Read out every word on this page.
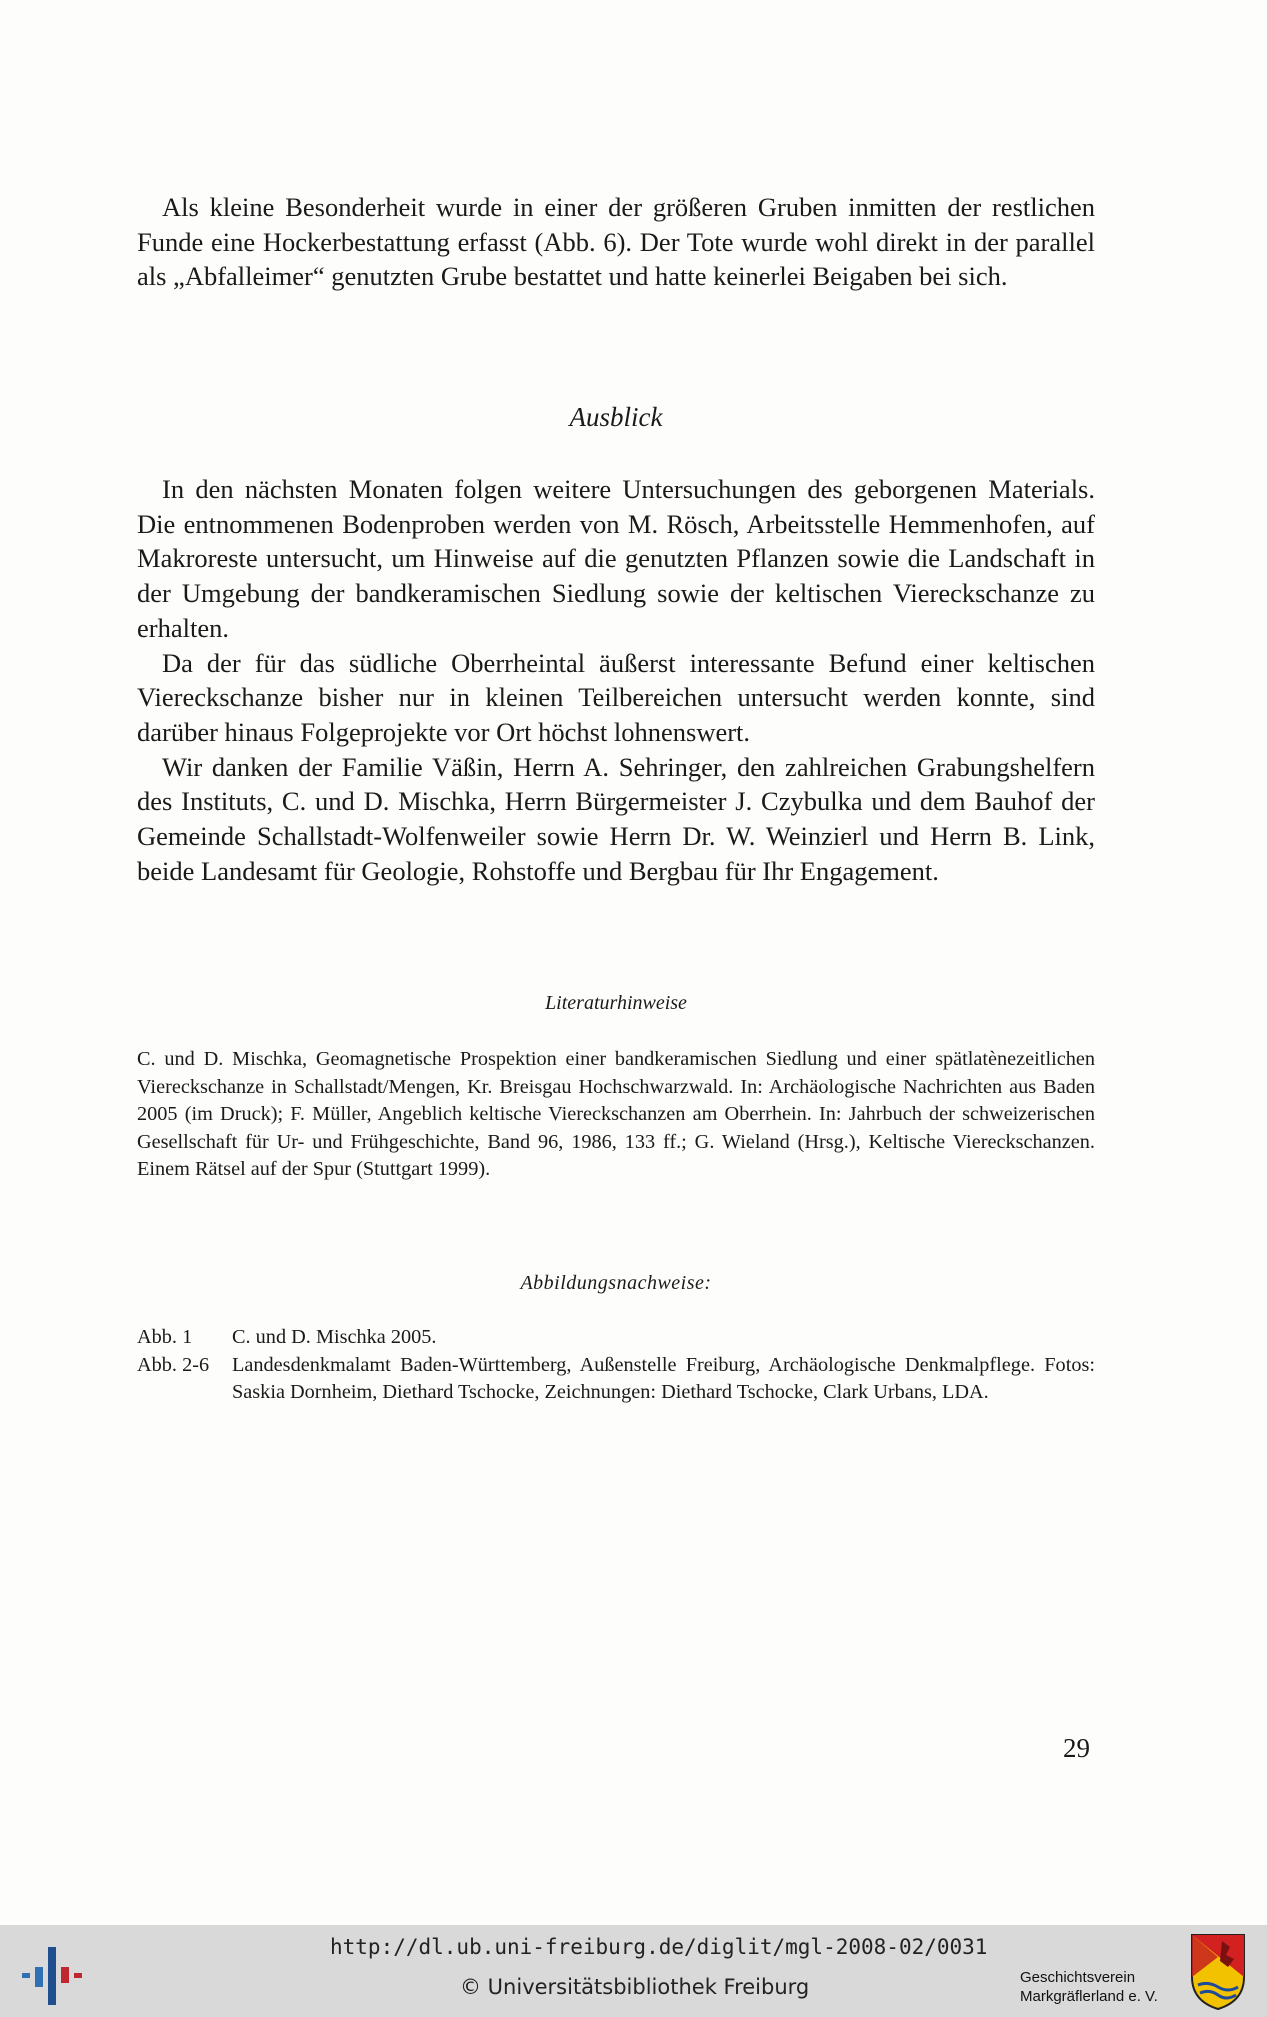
Als kleine Besonderheit wurde in einer der größeren Gruben inmitten der restlichen Funde eine Hockerbestattung erfasst (Abb. 6). Der Tote wurde wohl direkt in der parallel als „Abfalleimer“ genutzten Grube bestattet und hatte keinerlei Beigaben bei sich.

Ausblick

In den nächsten Monaten folgen weitere Untersuchungen des geborgenen Materials. Die entnommenen Bodenproben werden von M. Rösch, Arbeitsstelle Hemmenhofen, auf Makroreste untersucht, um Hinweise auf die genutzten Pflanzen sowie die Landschaft in der Umgebung der bandkeramischen Siedlung sowie der keltischen Viereckschanze zu erhalten.

Da der für das südliche Oberrheintal äußerst interessante Befund einer keltischen Viereckschanze bisher nur in kleinen Teilbereichen untersucht werden konnte, sind darüber hinaus Folgeprojekte vor Ort höchst lohnenswert.

Wir danken der Familie Väßin, Herrn A. Sehringer, den zahlreichen Grabungshelfern des Instituts, C. und D. Mischka, Herrn Bürgermeister J. Czybulka und dem Bauhof der Gemeinde Schallstadt-Wolfenweiler sowie Herrn Dr. W. Weinzierl und Herrn B. Link, beide Landesamt für Geologie, Rohstoffe und Bergbau für Ihr Engagement.

Literaturhinweise
C. und D. Mischka, Geomagnetische Prospektion einer bandkeramischen Siedlung und einer spätlatènezeitlichen Viereckschanze in Schallstadt/Mengen, Kr. Breisgau Hochschwarzwald. In: Archäologische Nachrichten aus Baden 2005 (im Druck); F. Müller, Angeblich keltische Viereckschanzen am Oberrhein. In: Jahrbuch der schweizerischen Gesellschaft für Ur- und Frühgeschichte, Band 96, 1986, 133 ff.; G. Wieland (Hrsg.), Keltische Viereckschanzen. Einem Rätsel auf der Spur (Stuttgart 1999).
Abbildungsnachweise:
Abb. 1	C. und D. Mischka 2005.
Abb. 2-6	Landesdenkmalamt Baden-Württemberg, Außenstelle Freiburg, Archäologische Denkmalpflege. Fotos: Saskia Dornheim, Diethard Tschocke, Zeichnungen: Diethard Tschocke, Clark Urbans, LDA.
29
http://dl.ub.uni-freiburg.de/diglit/mgl-2008-02/0031
© Universitätsbibliothek Freiburg	Geschichtsverein
Markgräflerland e. V.
